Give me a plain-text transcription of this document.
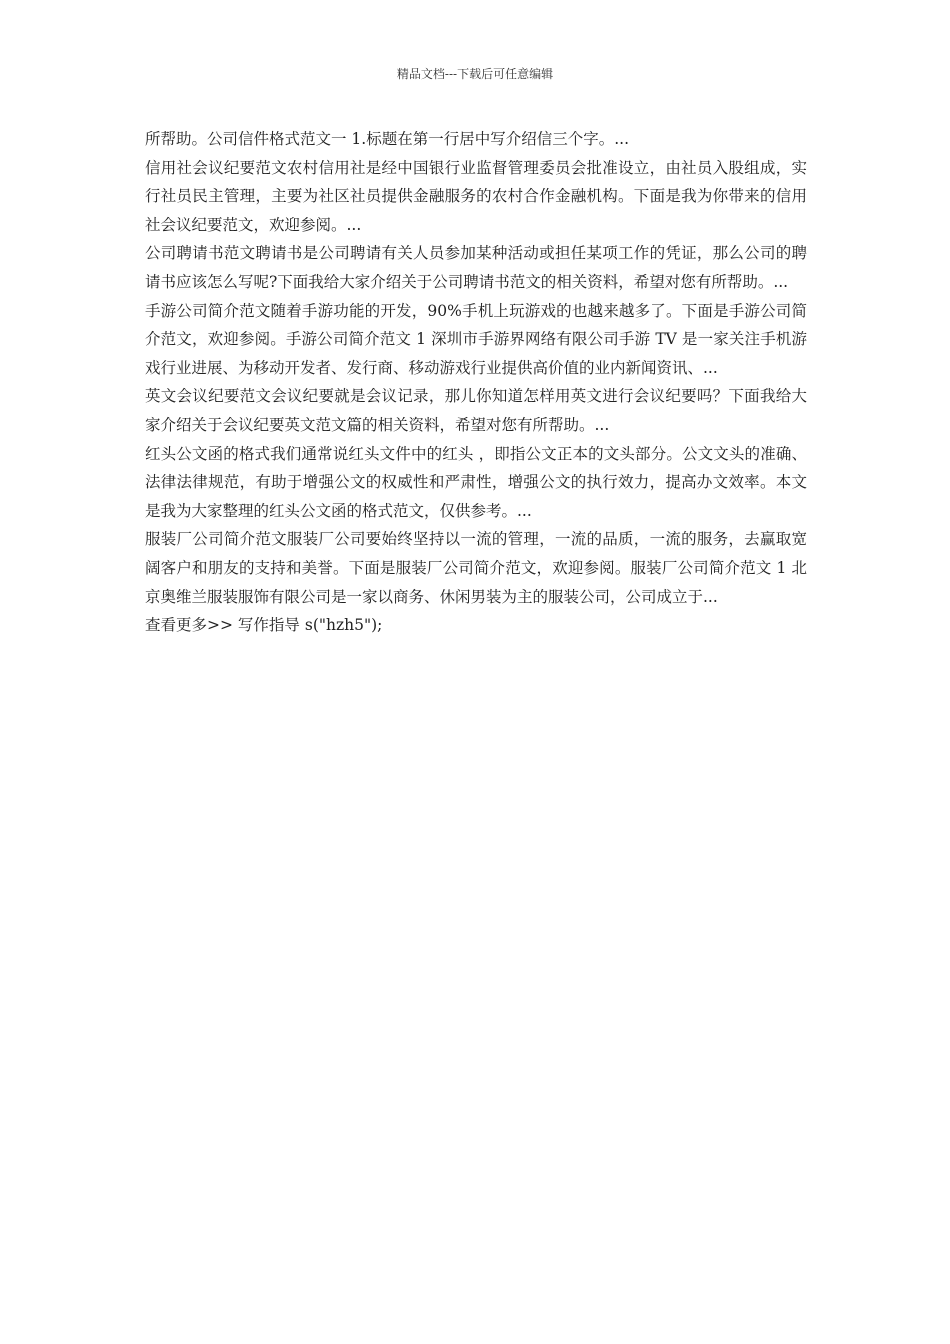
精品文档---下载后可任意编辑

所帮助。公司信件格式范文一 1.标题在第一行居中写介绍信三个字。...

信用社会议纪要范文农村信用社是经中国银行业监督管理委员会批准设立，由社员入股组成，实行社员民主管理，主要为社区社员提供金融服务的农村合作金融机构。下面是我为你带来的信用社会议纪要范文，欢迎参阅。...

公司聘请书范文聘请书是公司聘请有关人员参加某种活动或担任某项工作的凭证，那么公司的聘请书应该怎么写呢?下面我给大家介绍关于公司聘请书范文的相关资料，希望对您有所帮助。...

手游公司简介范文随着手游功能的开发，90%手机上玩游戏的也越来越多了。下面是手游公司简介范文，欢迎参阅。手游公司简介范文 1 深圳市手游界网络有限公司手游 TV 是一家关注手机游戏行业进展、为移动开发者、发行商、移动游戏行业提供高价值的业内新闻资讯、...

英文会议纪要范文会议纪要就是会议记录，那儿你知道怎样用英文进行会议纪要吗？下面我给大家介绍关于会议纪要英文范文篇的相关资料，希望对您有所帮助。...

红头公文函的格式我们通常说红头文件中的红头 ，即指公文正本的文头部分。公文文头的准确、法律法律规范，有助于增强公文的权威性和严肃性，增强公文的执行效力，提高办文效率。本文是我为大家整理的红头公文函的格式范文，仅供参考。...

服装厂公司简介范文服装厂公司要始终坚持以一流的管理，一流的品质，一流的服务，去赢取宽阔客户和朋友的支持和美誉。下面是服装厂公司简介范文，欢迎参阅。服装厂公司简介范文 1 北京奥维兰服装服饰有限公司是一家以商务、休闲男装为主的服装公司，公司成立于...

查看更多>> 写作指导 s("hzh5");
